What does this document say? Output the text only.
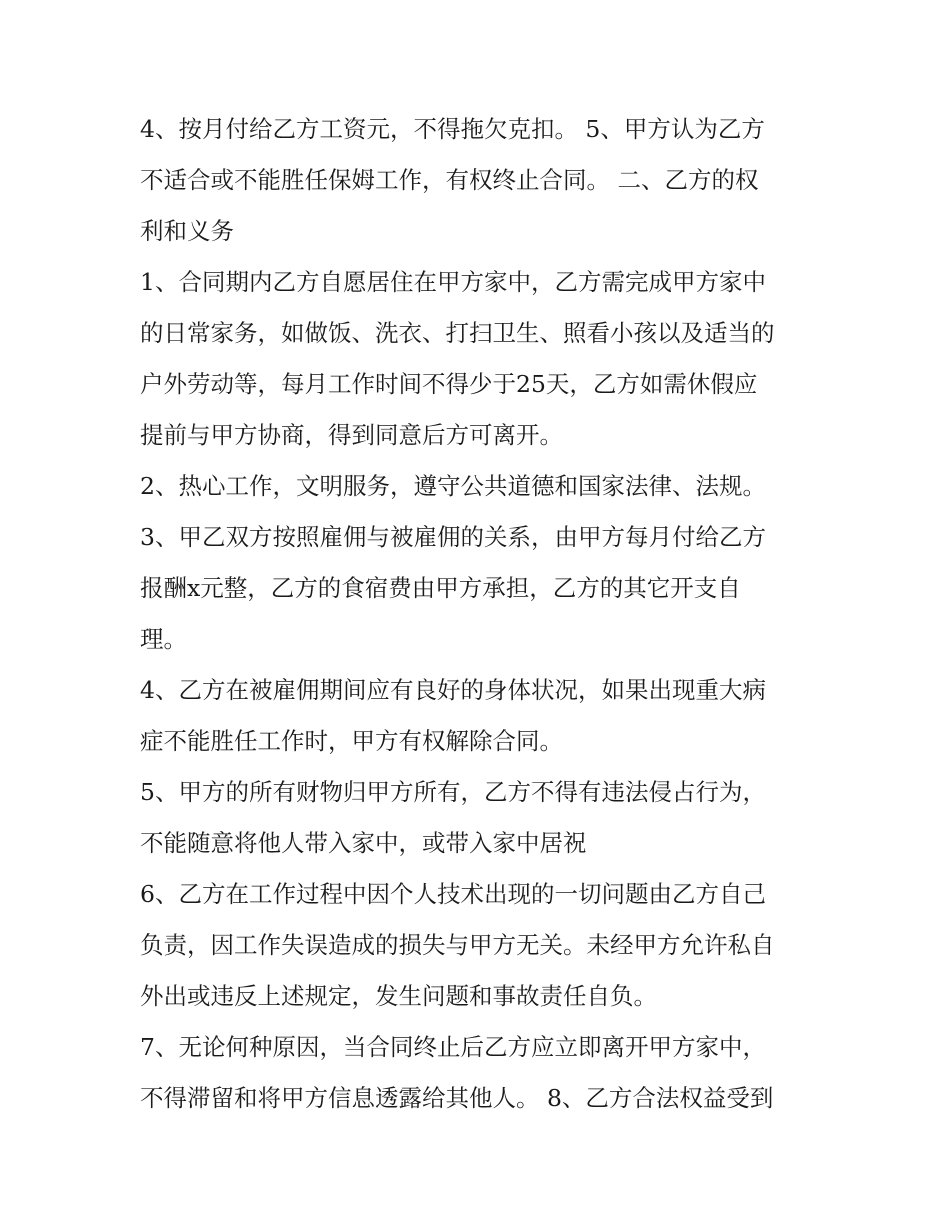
4、按月付给乙方工资元，不得拖欠克扣。 5、甲方认为乙方
不适合或不能胜任保姆工作，有权终止合同。 二、乙方的权
利和义务
1、合同期内乙方自愿居住在甲方家中，乙方需完成甲方家中
的日常家务，如做饭、洗衣、打扫卫生、照看小孩以及适当的
户外劳动等，每月工作时间不得少于25天，乙方如需休假应
提前与甲方协商，得到同意后方可离开。
2、热心工作，文明服务，遵守公共道德和国家法律、法规。
3、甲乙双方按照雇佣与被雇佣的关系，由甲方每月付给乙方
报酬x元整，乙方的食宿费由甲方承担，乙方的其它开支自
理。
4、乙方在被雇佣期间应有良好的身体状况，如果出现重大病
症不能胜任工作时，甲方有权解除合同。
5、甲方的所有财物归甲方所有，乙方不得有违法侵占行为，
不能随意将他人带入家中，或带入家中居祝
6、乙方在工作过程中因个人技术出现的一切问题由乙方自己
负责，因工作失误造成的损失与甲方无关。未经甲方允许私自
外出或违反上述规定，发生问题和事故责任自负。
7、无论何种原因，当合同终止后乙方应立即离开甲方家中，
不得滞留和将甲方信息透露给其他人。 8、乙方合法权益受到
